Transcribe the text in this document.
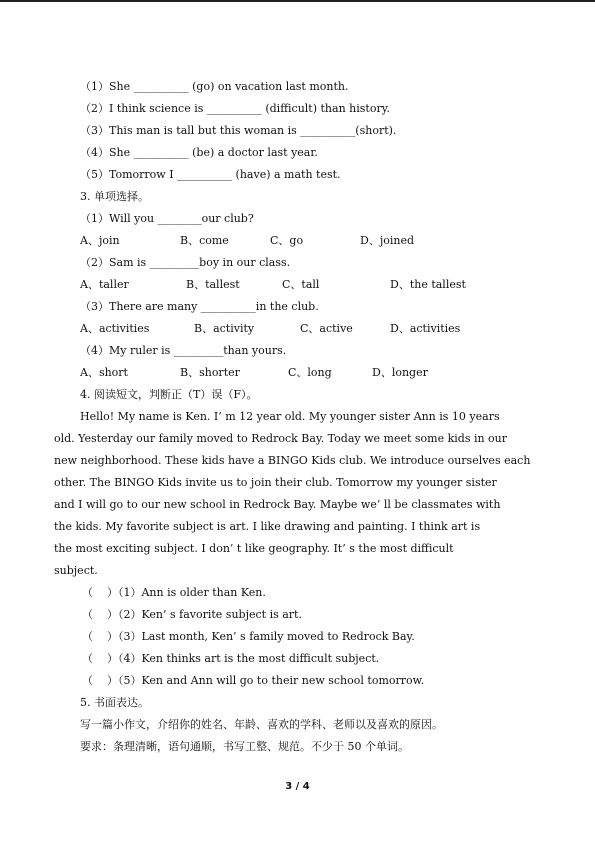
（1）She __________ (go) on vacation last month.
（2）I think science is __________ (difficult) than history.
（3）This man is tall but this woman is __________(short).
（4）She __________ (be) a doctor last year.
（5）Tomorrow I __________ (have) a math test.
3. 单项选择。
（1）Will you ________our club?
A、join	B、come	C、go	D、joined
（2）Sam is _________boy in our class.
A、taller	B、tallest	C、tall	D、the tallest
（3）There are many __________in the club.
A、activities	B、activity	C、active	D、activities
（4）My ruler is _________than yours.
A、short	B、shorter	C、long	D、longer
4. 阅读短文，判断正（T）误（F）。
Hello! My name is Ken. I’ m 12 year old. My younger sister Ann is 10 years
old. Yesterday our family moved to Redrock Bay. Today we meet some kids in our
new neighborhood. These kids have a BINGO Kids club. We introduce ourselves each
other. The BINGO Kids invite us to join their club. Tomorrow my younger sister
and I will go to our new school in Redrock Bay. Maybe we’ ll be classmates with
the kids. My favorite subject is art. I like drawing and painting. I think art is
the most exciting subject. I don’ t like geography. It’ s the most difficult
subject.
（    ）（1）Ann is older than Ken.
（    ）（2）Ken’ s favorite subject is art.
（    ）（3）Last month, Ken’ s family moved to Redrock Bay.
（    ）（4）Ken thinks art is the most difficult subject.
（    ）（5）Ken and Ann will go to their new school tomorrow.
5. 书面表达。
写一篇小作文，介绍你的姓名、年龄、喜欢的学科、老师以及喜欢的原因。
要求：条理清晰，语句通顺，书写工整、规范。不少于 50 个单词。
3 / 4
